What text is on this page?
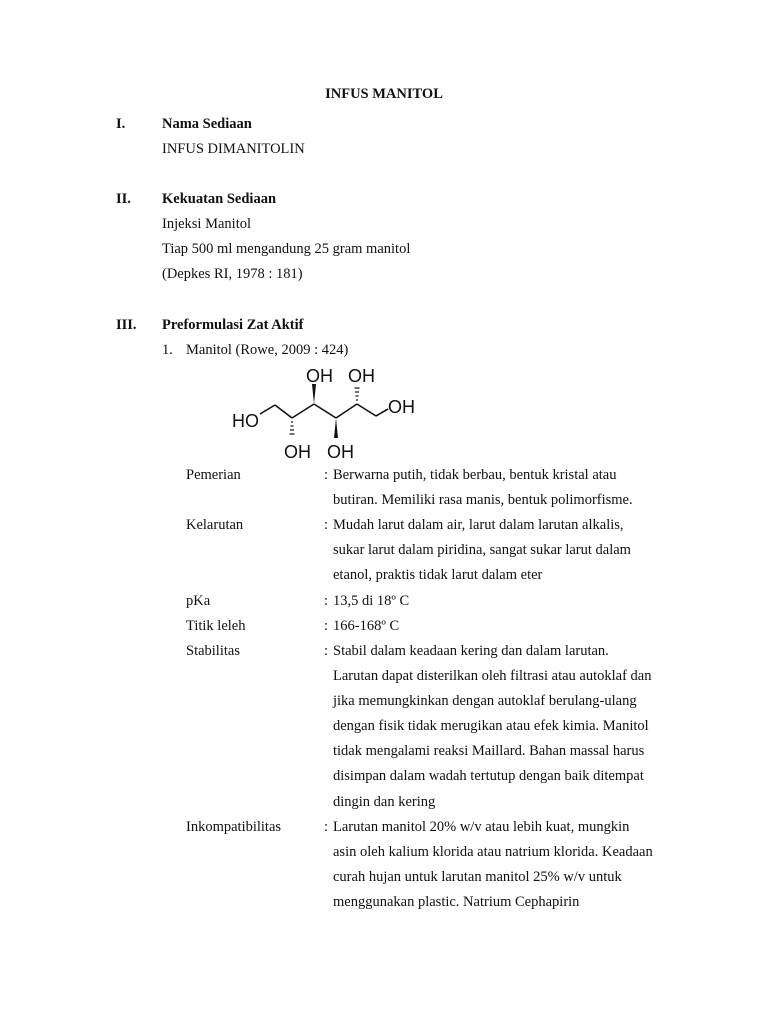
INFUS MANITOL
I.	Nama Sediaan
INFUS DIMANITOLIN
II. Kekuatan Sediaan
Injeksi Manitol
Tiap 500 ml mengandung 25 gram manitol
(Depkes RI, 1978 : 181)
III. Preformulasi Zat Aktif
1. Manitol (Rowe, 2009 : 424)
OH OH
OH
HO
OH OH
Pemerian	: Berwarna putih, tidak berbau, bentuk kristal atau
butiran. Memiliki rasa manis, bentuk polimorfisme.
Kelarutan	: Mudah larut dalam air, larut dalam larutan alkalis,
sukar larut dalam piridina, sangat sukar larut dalam
etanol, praktis tidak larut dalam eter
pKa	: 13,5 di 18º C
Titik leleh	: 166-168º C
Stabilitas	: Stabil dalam keadaan kering dan dalam larutan.
Larutan dapat disterilkan oleh filtrasi atau autoklaf dan
jika memungkinkan dengan autoklaf berulang-ulang
dengan fisik tidak merugikan atau efek kimia. Manitol
tidak mengalami reaksi Maillard. Bahan massal harus
disimpan dalam wadah tertutup dengan baik ditempat
dingin dan kering
Inkompatibilitas	: Larutan manitol 20% w/v atau lebih kuat, mungkin
asin oleh kalium klorida atau natrium klorida. Keadaan
curah hujan untuk larutan manitol 25% w/v untuk
menggunakan plastic. Natrium Cephapirin
